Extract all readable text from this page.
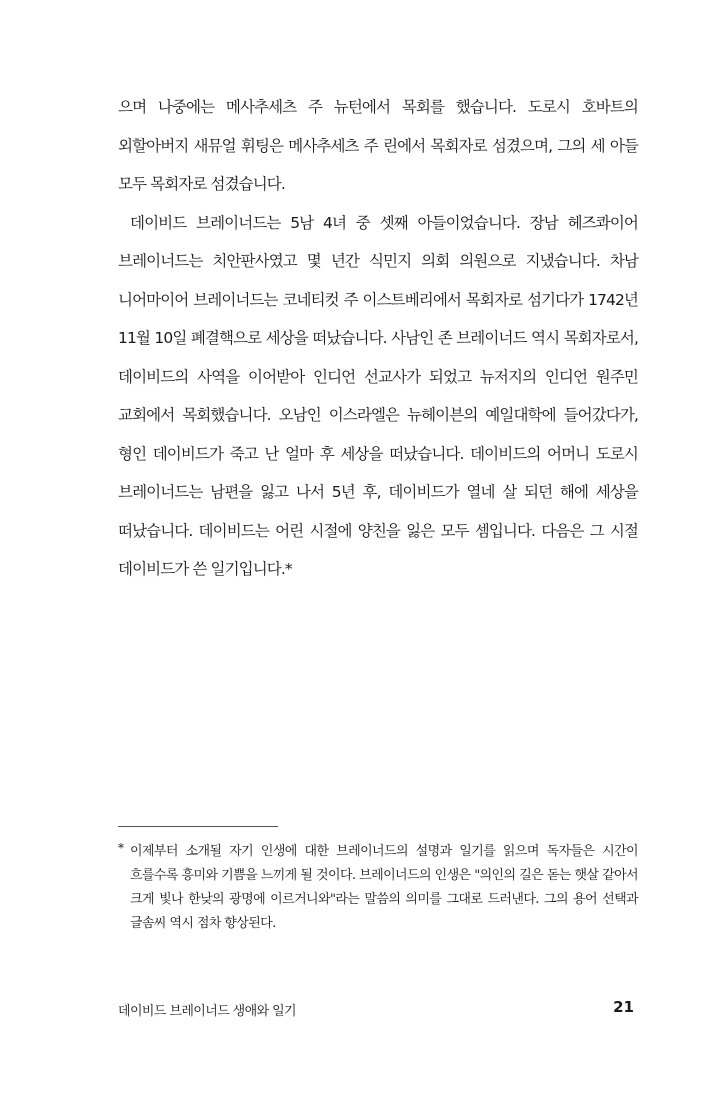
으며 나중에는 메사추세츠 주 뉴턴에서 목회를 했습니다. 도로시 호바트의 외할아버지 새뮤얼 휘팅은 메사추세츠 주 린에서 목회자로 섬겼으며, 그의 세 아들 모두 목회자로 섬겼습니다.

데이비드 브레이너드는 5남 4녀 중 셋째 아들이었습니다. 장남 헤즈콰이어 브레이너드는 치안판사였고 몇 년간 식민지 의회 의원으로 지냈습니다. 차남 니어마이어 브레이너드는 코네티컷 주 이스트베리에서 목회자로 섬기다가 1742년 11월 10일 폐결핵으로 세상을 떠났습니다. 사남인 존 브레이너드 역시 목회자로서, 데이비드의 사역을 이어받아 인디언 선교사가 되었고 뉴저지의 인디언 원주민 교회에서 목회했습니다. 오남인 이스라엘은 뉴헤이븐의 예일대학에 들어갔다가, 형인 데이비드가 죽고 난 얼마 후 세상을 떠났습니다. 데이비드의 어머니 도로시 브레이너드는 남편을 잃고 나서 5년 후, 데이비드가 열네 살 되던 해에 세상을 떠났습니다. 데이비드는 어린 시절에 양친을 잃은 모두 셈입니다. 다음은 그 시절 데이비드가 쓴 일기입니다.*

* 이제부터 소개될 자기 인생에 대한 브레이너드의 설명과 일기를 읽으며 독자들은 시간이 흐를수록 흥미와 기쁨을 느끼게 될 것이다. 브레이너드의 인생은 "의인의 길은 돋는 햇살 같아서 크게 빛나 한낮의 광명에 이르거니와"라는 말씀의 의미를 그대로 드러낸다. 그의 용어 선택과 글솜씨 역시 점차 향상된다.
데이비드 브레이너드 생애와 일기	21
